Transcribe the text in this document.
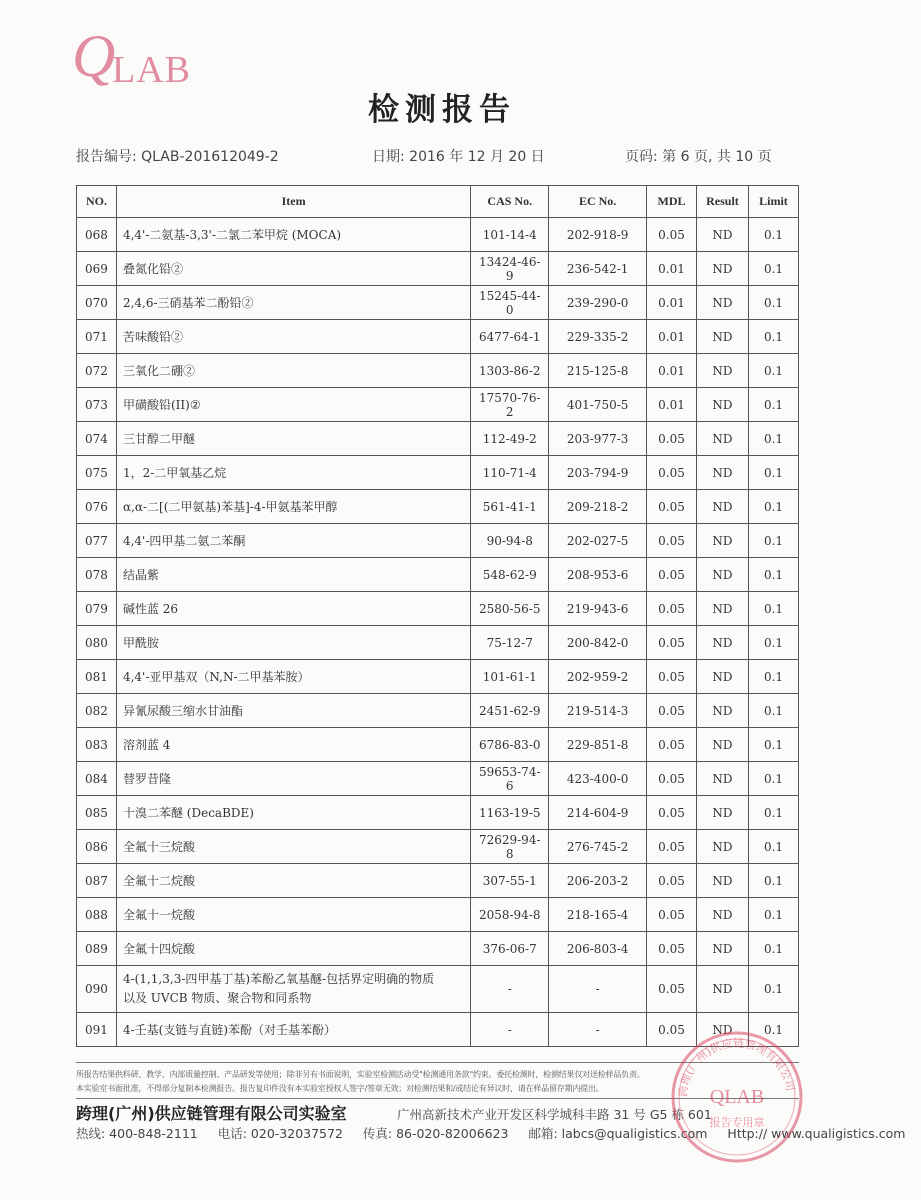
Q
LAB
检测报告
报告编号: QLAB-201612049-2	日期: 2016 年 12 月 20 日	页码: 第 6 页, 共 10 页
NO.	Item	CAS No.	EC No.	MDL	Result	Limit
068	4,4'-二氨基-3,3'-二氯二苯甲烷 (MOCA)	101-14-4	202-918-9	0.05	ND	0.1
069	叠氮化铅②	13424-46-9	236-542-1	0.01	ND	0.1
070	2,4,6-三硝基苯二酚铅②	15245-44-0	239-290-0	0.01	ND	0.1
071	苦味酸铅②	6477-64-1	229-335-2	0.01	ND	0.1
072	三氧化二硼②	1303-86-2	215-125-8	0.01	ND	0.1
073	甲磺酸铅(II)②	17570-76-2	401-750-5	0.01	ND	0.1
074	三甘醇二甲醚	112-49-2	203-977-3	0.05	ND	0.1
075	1，2-二甲氧基乙烷	110-71-4	203-794-9	0.05	ND	0.1
076	α,α-二[(二甲氨基)苯基]-4-甲氨基苯甲醇	561-41-1	209-218-2	0.05	ND	0.1
077	4,4'-四甲基二氨二苯酮	90-94-8	202-027-5	0.05	ND	0.1
078	结晶紫	548-62-9	208-953-6	0.05	ND	0.1
079	碱性蓝 26	2580-56-5	219-943-6	0.05	ND	0.1
080	甲酰胺	75-12-7	200-842-0	0.05	ND	0.1
081	4,4'-亚甲基双（N,N-二甲基苯胺）	101-61-1	202-959-2	0.05	ND	0.1
082	异氰尿酸三缩水甘油酯	2451-62-9	219-514-3	0.05	ND	0.1
083	溶剂蓝 4	6786-83-0	229-851-8	0.05	ND	0.1
084	替罗昔隆	59653-74-6	423-400-0	0.05	ND	0.1
085	十溴二苯醚 (DecaBDE)	1163-19-5	214-604-9	0.05	ND	0.1
086	全氟十三烷酸	72629-94-8	276-745-2	0.05	ND	0.1
087	全氟十二烷酸	307-55-1	206-203-2	0.05	ND	0.1
088	全氟十一烷酸	2058-94-8	218-165-4	0.05	ND	0.1
089	全氟十四烷酸	376-06-7	206-803-4	0.05	ND	0.1
090	4-(1,1,3,3-四甲基丁基)苯酚乙氧基醚-包括界定明确的物质
以及 UVCB 物质、聚合物和同系物	-	-	0.05	ND	0.1
091	4-壬基(支链与直链)苯酚（对壬基苯酚）	-	-	0.05	ND	0.1
所报告结果供科研、教学、内部质量控制、产品研发等使用；除非另有书面说明，实验室检测活动受"检测通用条款"约束。委托检测时，检测结果仅对送检样品负责。
本实验室书面批准，不得部分复制本检测报告。报告复印件没有本实验室授权人签字/签章无效；对检测结果和/或结论有异议时，请在样品留存期内提出。
跨理(广州)供应链管理有限公司实验室	广州高新技术产业开发区科学城科丰路 31 号 G5 栋 601
热线: 400-848-2111 电话: 020-32037572 传真: 86-020-82006623 邮箱: labcs@qualigistics.com Http:// www.qualigistics.com
跨理(广州)供应链管理有限公司
QLAB
报告专用章
